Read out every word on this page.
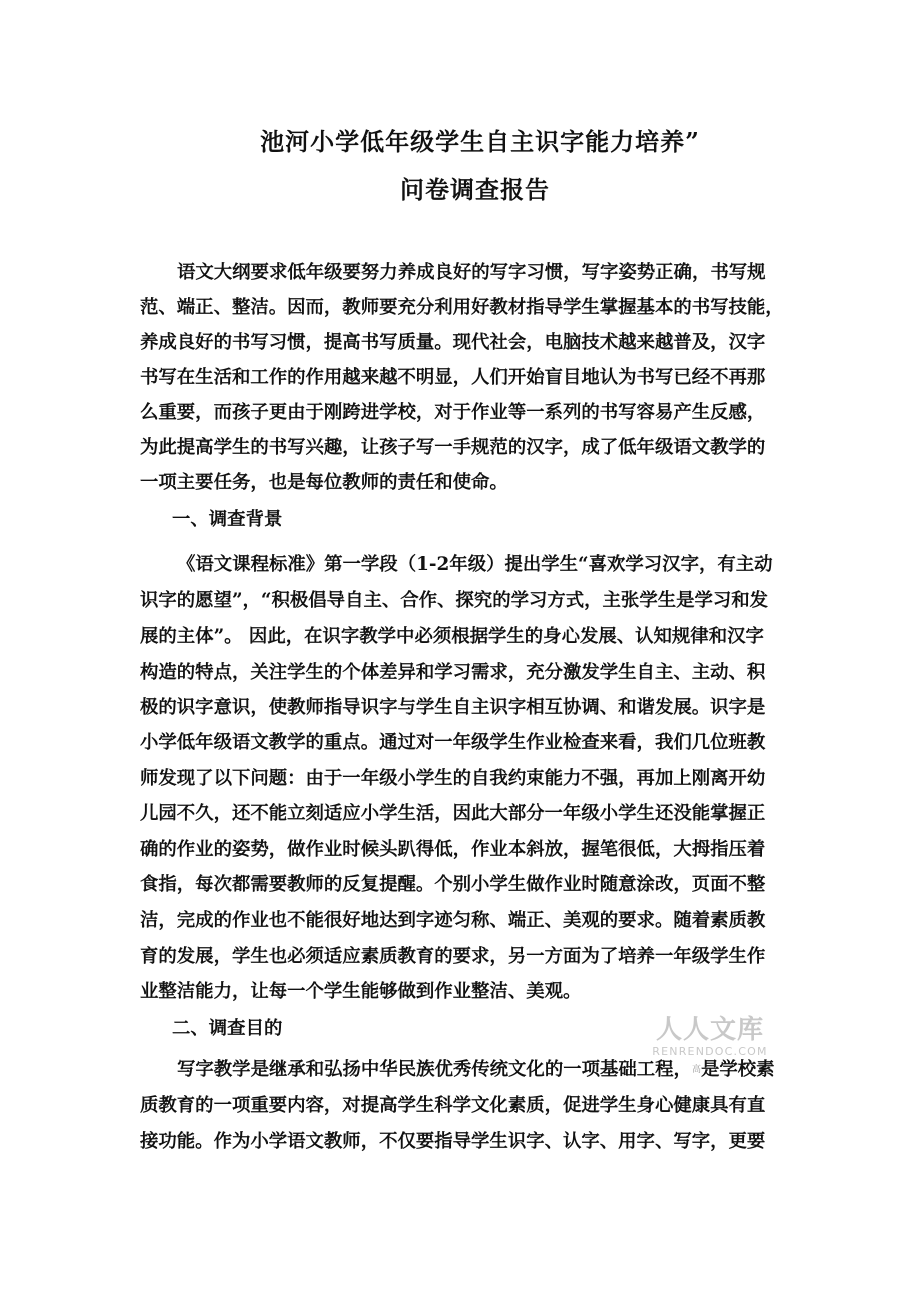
池河小学低年级学生自主识字能力培养”
问卷调查报告
语文大纲要求低年级要努力养成良好的写字习惯，写字姿势正确，书写规
范、端正、整洁。因而，教师要充分利用好教材指导学生掌握基本的书写技能，
养成良好的书写习惯，提高书写质量。现代社会，电脑技术越来越普及，汉字
书写在生活和工作的作用越来越不明显，人们开始盲目地认为书写已经不再那
么重要，而孩子更由于刚跨进学校，对于作业等一系列的书写容易产生反感，
为此提高学生的书写兴趣，让孩子写一手规范的汉字，成了低年级语文教学的
一项主要任务，也是每位教师的责任和使命。
一、调查背景
《语文课程标准》第一学段（1-2年级）提出学生“喜欢学习汉字，有主动
识字的愿望”，“积极倡导自主、合作、探究的学习方式，主张学生是学习和发
展的主体”。 因此，在识字教学中必须根据学生的身心发展、认知规律和汉字
构造的特点，关注学生的个体差异和学习需求，充分激发学生自主、主动、积
极的识字意识，使教师指导识字与学生自主识字相互协调、和谐发展。识字是
小学低年级语文教学的重点。通过对一年级学生作业检查来看，我们几位班教
师发现了以下问题：由于一年级小学生的自我约束能力不强，再加上刚离开幼
儿园不久，还不能立刻适应小学生活，因此大部分一年级小学生还没能掌握正
确的作业的姿势，做作业时候头趴得低，作业本斜放，握笔很低，大拇指压着
食指，每次都需要教师的反复提醒。个别小学生做作业时随意涂改，页面不整
洁，完成的作业也不能很好地达到字迹匀称、端正、美观的要求。随着素质教
育的发展，学生也必须适应素质教育的要求，另一方面为了培养一年级学生作
业整洁能力，让每一个学生能够做到作业整洁、美观。
二、调查目的
写字教学是继承和弘扬中华民族优秀传统文化的一项基础工程，高是学校素
质教育的一项重要内容，对提高学生科学文化素质，促进学生身心健康具有直
接功能。作为小学语文教师，不仅要指导学生识字、认字、用字、写字，更要
人人文库
RENRENDOC.COM
